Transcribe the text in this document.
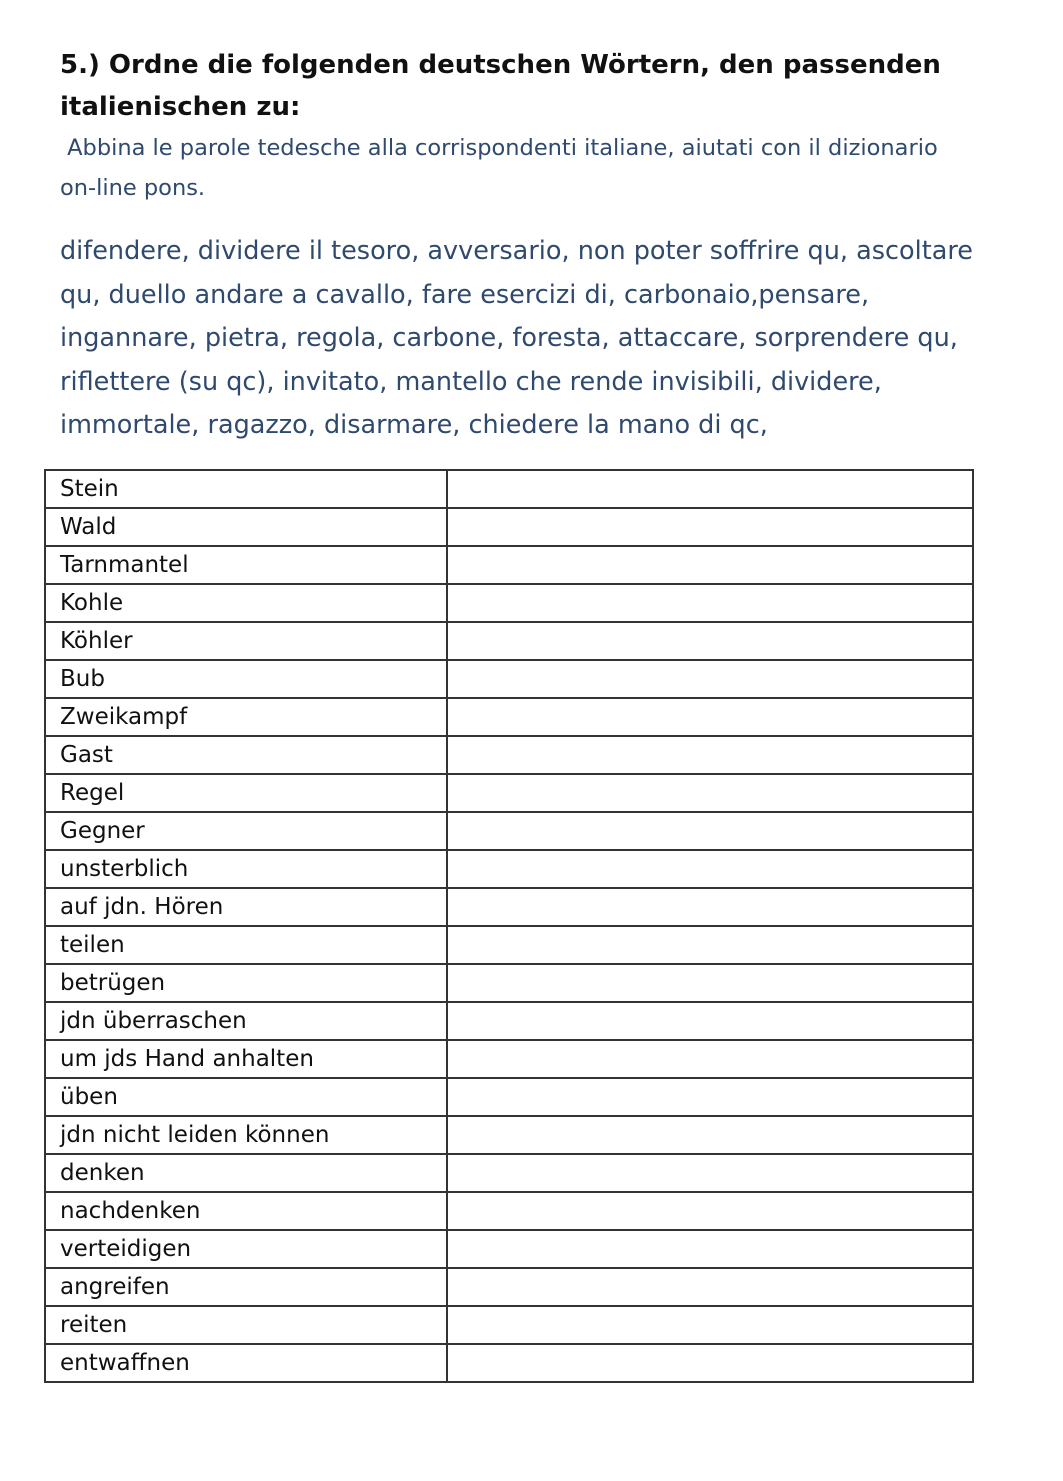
5.) Ordne die folgenden deutschen Wörtern, den passenden
italienischen zu:
Abbina le parole tedesche alla corrispondenti italiane, aiutati con il dizionario
on-line pons.
difendere, dividere il tesoro, avversario, non poter soffrire qu, ascoltare
qu, duello andare a cavallo, fare esercizi di, carbonaio,pensare,
ingannare, pietra, regola, carbone, foresta, attaccare, sorprendere qu,
riflettere (su qc), invitato, mantello che rende invisibili, dividere,
immortale, ragazzo, disarmare, chiedere la mano di qc,
Stein	
Wald	
Tarnmantel	
Kohle	
Köhler	
Bub	
Zweikampf	
Gast	
Regel	
Gegner	
unsterblich	
auf jdn. Hören	
teilen	
betrügen	
jdn überraschen	
um jds Hand anhalten	
üben	
jdn nicht leiden können	
denken	
nachdenken	
verteidigen	
angreifen	
reiten	
entwaffnen	
